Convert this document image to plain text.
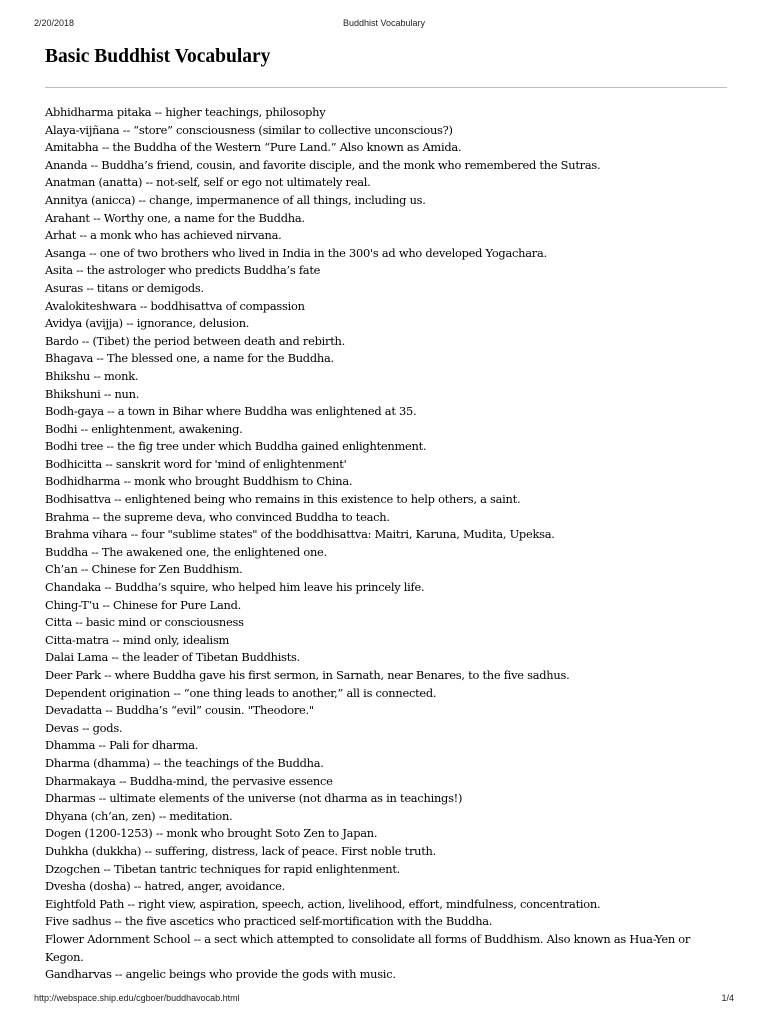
2/20/2018	Buddhist Vocabulary
Basic Buddhist Vocabulary

Abhidharma pitaka -- higher teachings, philosophy

Alaya-vijñana -- “store” consciousness (similar to collective unconscious?)

Amitabha -- the Buddha of the Western “Pure Land.” Also known as Amida.

Ananda -- Buddha’s friend, cousin, and favorite disciple, and the monk who remembered the Sutras.

Anatman (anatta) -- not-self, self or ego not ultimately real.

Annitya (anicca) -- change, impermanence of all things, including us.

Arahant -- Worthy one, a name for the Buddha.

Arhat -- a monk who has achieved nirvana.

Asanga -- one of two brothers who lived in India in the 300's ad who developed Yogachara.

Asita -- the astrologer who predicts Buddha’s fate

Asuras -- titans or demigods.

Avalokiteshwara -- boddhisattva of compassion

Avidya (avijja) -- ignorance, delusion.

Bardo -- (Tibet) the period between death and rebirth.

Bhagava -- The blessed one, a name for the Buddha.

Bhikshu -- monk.

Bhikshuni -- nun.

Bodh-gaya -- a town in Bihar where Buddha was enlightened at 35.

Bodhi -- enlightenment, awakening.

Bodhi tree -- the fig tree under which Buddha gained enlightenment.

Bodhicitta -- sanskrit word for 'mind of enlightenment'

Bodhidharma -- monk who brought Buddhism to China.

Bodhisattva -- enlightened being who remains in this existence to help others, a saint.

Brahma -- the supreme deva, who convinced Buddha to teach.

Brahma vihara -- four "sublime states" of the boddhisattva: Maitri, Karuna, Mudita, Upeksa.

Buddha -- The awakened one, the enlightened one.

Ch’an -- Chinese for Zen Buddhism.

Chandaka -- Buddha’s squire, who helped him leave his princely life.

Ching-T’u -- Chinese for Pure Land.

Citta -- basic mind or consciousness

Citta-matra -- mind only, idealism

Dalai Lama -- the leader of Tibetan Buddhists.

Deer Park -- where Buddha gave his first sermon, in Sarnath, near Benares, to the five sadhus.

Dependent origination -- “one thing leads to another,” all is connected.

Devadatta -- Buddha’s “evil” cousin. "Theodore."

Devas -- gods.

Dhamma -- Pali for dharma.

Dharma (dhamma) -- the teachings of the Buddha.

Dharmakaya -- Buddha-mind, the pervasive essence

Dharmas -- ultimate elements of the universe (not dharma as in teachings!)

Dhyana (ch’an, zen) -- meditation.

Dogen (1200-1253) -- monk who brought Soto Zen to Japan.

Duhkha (dukkha) -- suffering, distress, lack of peace. First noble truth.

Dzogchen -- Tibetan tantric techniques for rapid enlightenment.

Dvesha (dosha) -- hatred, anger, avoidance.

Eightfold Path -- right view, aspiration, speech, action, livelihood, effort, mindfulness, concentration.

Five sadhus -- the five ascetics who practiced self-mortification with the Buddha.

Flower Adornment School -- a sect which attempted to consolidate all forms of Buddhism. Also known as Hua-Yen or Kegon.

Gandharvas -- angelic beings who provide the gods with music.

http://webspace.ship.edu/cgboer/buddhavocab.html	1/4
